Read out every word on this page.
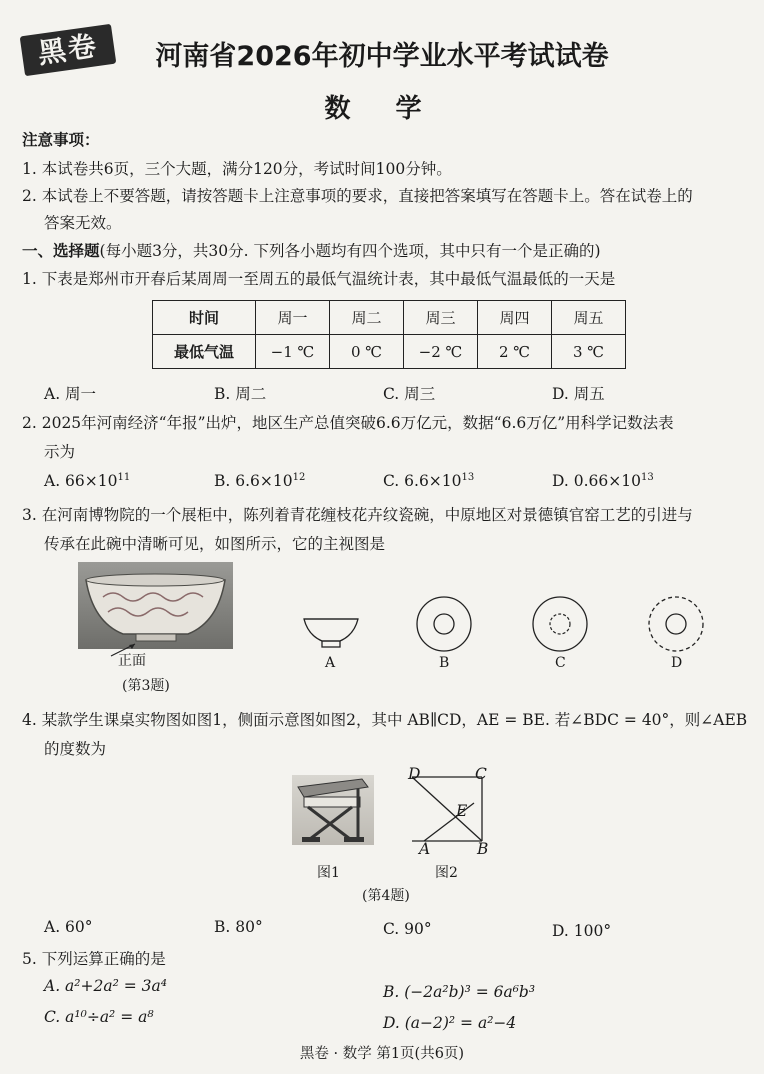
黑卷	河南省2026年初中学业水平考试试卷
数 学
注意事项：
1. 本试卷共6页，三个大题，满分120分，考试时间100分钟。
2. 本试卷上不要答题，请按答题卡上注意事项的要求，直接把答案填写在答题卡上。答在试卷上的
答案无效。
一、选择题(每小题3分，共30分. 下列各小题均有四个选项，其中只有一个是正确的)
1. 下表是郑州市开春后某周周一至周五的最低气温统计表，其中最低气温最低的一天是
时间	周一	周二	周三	周四	周五
最低气温	−1 ℃	0 ℃	−2 ℃	2 ℃	3 ℃
A. 周一	B. 周二	C. 周三	D. 周五
2. 2025年河南经济“年报”出炉，地区生产总值突破6.6万亿元，数据“6.6万亿”用科学记数法表
示为
A. $66\times 10^{11}$	B. $6.6\times 10^{12}$	C. $6.6\times 10^{13}$	D. $0.66\times 10^{13}$
3. 在河南博物院的一个展柜中，陈列着青花缠枝花卉纹瓷碗，中原地区对景德镇官窑工艺的引进与
传承在此碗中清晰可见，如图所示，它的主视图是
正面
(第3题)
A	B	C	D
4. 某款学生课桌实物图如图1，侧面示意图如图2，其中 AB∥CD，AE = BE. 若∠BDC = 40°，则∠AEB
的度数为
图1
D	C
E
A	B
图2
(第4题)
A. 60°	B. 80°	C. 90°	D. 100°
5. 下列运算正确的是
A. a²+2a² = 3a⁴	B. (−2a²b)³ = 6a⁶b³
C. a¹⁰÷a² = a⁸	D. (a−2)² = a²−4
黑卷 · 数学 第1页(共6页)
